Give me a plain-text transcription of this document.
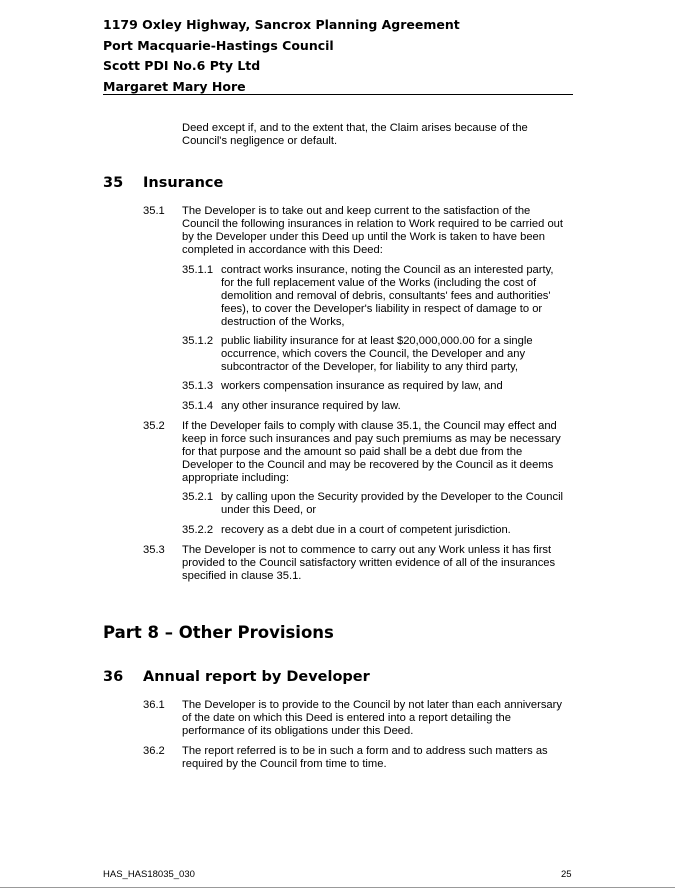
1179 Oxley Highway, Sancrox Planning Agreement
Port Macquarie-Hastings Council
Scott PDI No.6 Pty Ltd
Margaret Mary Hore

Deed except if, and to the extent that, the Claim arises because of the Council's negligence or default.

35 Insurance
35.1 The Developer is to take out and keep current to the satisfaction of the Council the following insurances in relation to Work required to be carried out by the Developer under this Deed up until the Work is taken to have been completed in accordance with this Deed:

35.1.1 contract works insurance, noting the Council as an interested party, for the full replacement value of the Works (including the cost of demolition and removal of debris, consultants' fees and authorities' fees), to cover the Developer's liability in respect of damage to or destruction of the Works,

35.1.2 public liability insurance for at least $20,000,000.00 for a single occurrence, which covers the Council, the Developer and any subcontractor of the Developer, for liability to any third party,

35.1.3 workers compensation insurance as required by law, and

35.1.4 any other insurance required by law.

35.2 If the Developer fails to comply with clause 35.1, the Council may effect and keep in force such insurances and pay such premiums as may be necessary for that purpose and the amount so paid shall be a debt due from the Developer to the Council and may be recovered by the Council as it deems appropriate including:

35.2.1 by calling upon the Security provided by the Developer to the Council under this Deed, or

35.2.2 recovery as a debt due in a court of competent jurisdiction.

35.3 The Developer is not to commence to carry out any Work unless it has first provided to the Council satisfactory written evidence of all of the insurances specified in clause 35.1.

Part 8 – Other Provisions
36 Annual report by Developer
36.1 The Developer is to provide to the Council by not later than each anniversary of the date on which this Deed is entered into a report detailing the performance of its obligations under this Deed.

36.2 The report referred is to be in such a form and to address such matters as required by the Council from time to time.

HAS_HAS18035_030	25
